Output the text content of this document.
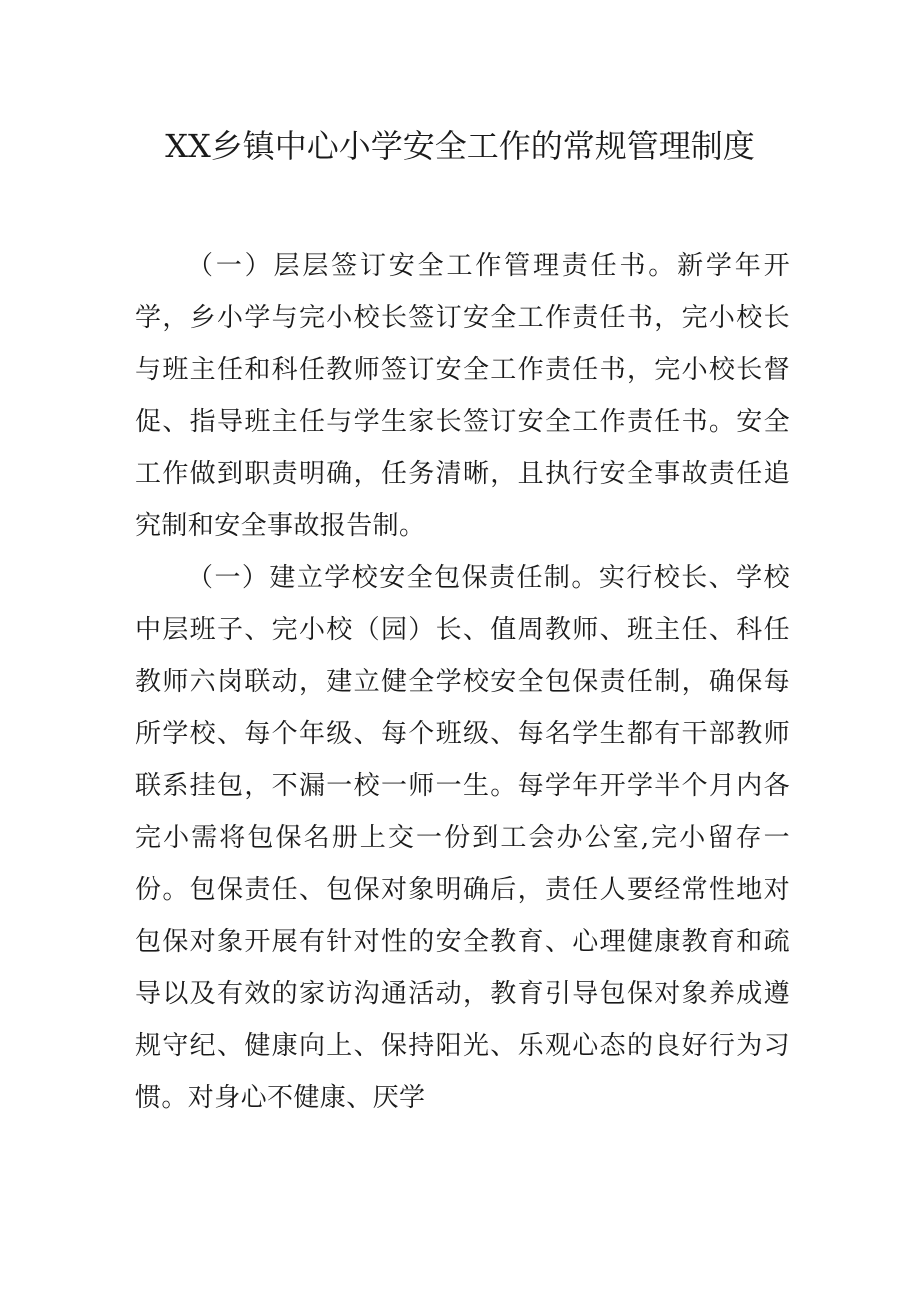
XX乡镇中心小学安全工作的常规管理制度

（一）层层签订安全工作管理责任书。新学年开学，乡小学与完小校长签订安全工作责任书，完小校长与班主任和科任教师签订安全工作责任书，完小校长督促、指导班主任与学生家长签订安全工作责任书。安全工作做到职责明确，任务清晰，且执行安全事故责任追究制和安全事故报告制。

（一）建立学校安全包保责任制。实行校长、学校中层班子、完小校（园）长、值周教师、班主任、科任教师六岗联动，建立健全学校安全包保责任制，确保每所学校、每个年级、每个班级、每名学生都有干部教师联系挂包，不漏一校一师一生。每学年开学半个月内各完小需将包保名册上交一份到工会办公室,完小留存一份。包保责任、包保对象明确后，责任人要经常性地对包保对象开展有针对性的安全教育、心理健康教育和疏导以及有效的家访沟通活动，教育引导包保对象养成遵规守纪、健康向上、保持阳光、乐观心态的良好行为习惯。对身心不健康、厌学
